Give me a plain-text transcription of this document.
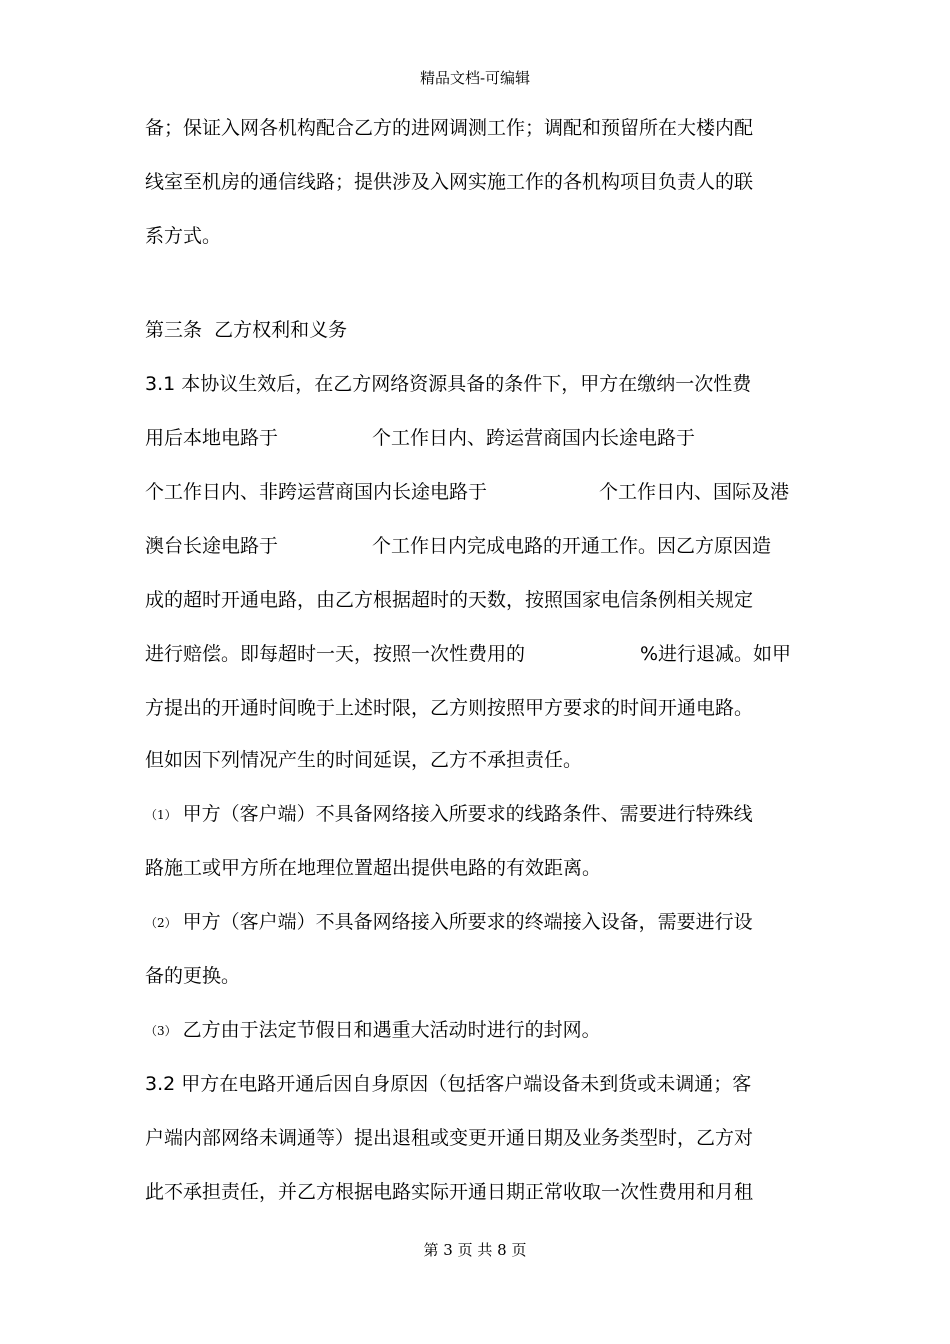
精品文档-可编辑
备；保证入网各机构配合乙方的进网调测工作；调配和预留所在大楼内配
线室至机房的通信线路；提供涉及入网实施工作的各机构项目负责人的联
系方式。
第三条  乙方权利和义务
3.1 本协议生效后，在乙方网络资源具备的条件下，甲方在缴纳一次性费
用后本地电路于	个工作日内、跨运营商国内长途电路于
个工作日内、非跨运营商国内长途电路于	个工作日内、国际及港
澳台长途电路于	个工作日内完成电路的开通工作。因乙方原因造
成的超时开通电路，由乙方根据超时的天数，按照国家电信条例相关规定
进行赔偿。即每超时一天，按照一次性费用的	%进行退减。如甲
方提出的开通时间晚于上述时限，乙方则按照甲方要求的时间开通电路。
但如因下列情况产生的时间延误，乙方不承担责任。
（1） 甲方（客户端）不具备网络接入所要求的线路条件、需要进行特殊线
路施工或甲方所在地理位置超出提供电路的有效距离。
（2） 甲方（客户端）不具备网络接入所要求的终端接入设备，需要进行设
备的更换。
（3） 乙方由于法定节假日和遇重大活动时进行的封网。
3.2 甲方在电路开通后因自身原因（包括客户端设备未到货或未调通；客
户端内部网络未调通等）提出退租或变更开通日期及业务类型时，乙方对
此不承担责任，并乙方根据电路实际开通日期正常收取一次性费用和月租
第 3 页 共 8 页
